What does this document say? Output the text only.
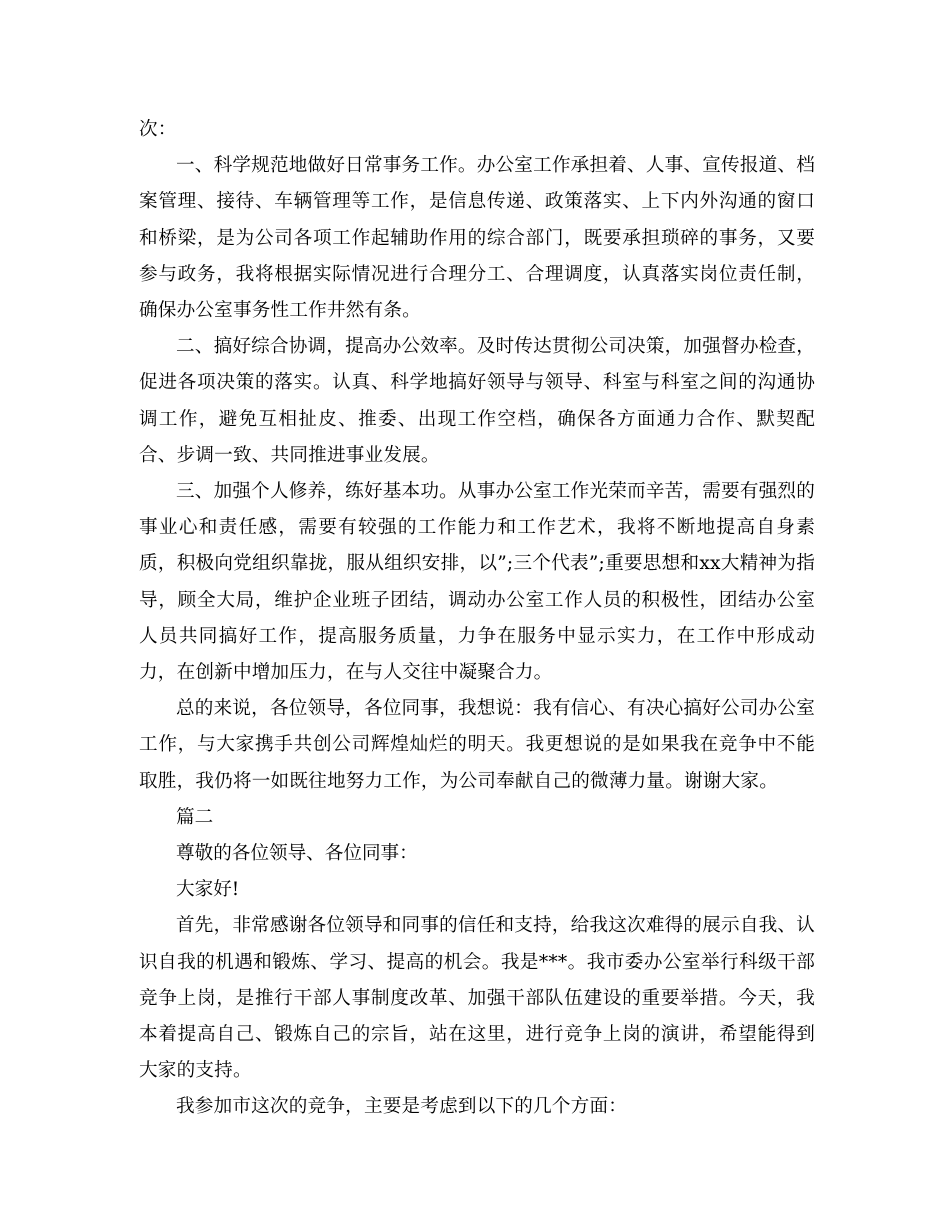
次：

一、科学规范地做好日常事务工作。办公室工作承担着、人事、宣传报道、档案管理、接待、车辆管理等工作，是信息传递、政策落实、上下内外沟通的窗口和桥梁，是为公司各项工作起辅助作用的综合部门，既要承担琐碎的事务，又要参与政务，我将根据实际情况进行合理分工、合理调度，认真落实岗位责任制，确保办公室事务性工作井然有条。

二、搞好综合协调，提高办公效率。及时传达贯彻公司决策，加强督办检查，促进各项决策的落实。认真、科学地搞好领导与领导、科室与科室之间的沟通协调工作，避免互相扯皮、推委、出现工作空档，确保各方面通力合作、默契配合、步调一致、共同推进事业发展。

三、加强个人修养，练好基本功。从事办公室工作光荣而辛苦，需要有强烈的事业心和责任感，需要有较强的工作能力和工作艺术，我将不断地提高自身素质，积极向党组织靠拢，服从组织安排，以”;三个代表”;重要思想和xx大精神为指导，顾全大局，维护企业班子团结，调动办公室工作人员的积极性，团结办公室人员共同搞好工作，提高服务质量，力争在服务中显示实力，在工作中形成动力，在创新中增加压力，在与人交往中凝聚合力。

总的来说，各位领导，各位同事，我想说：我有信心、有决心搞好公司办公室工作，与大家携手共创公司辉煌灿烂的明天。我更想说的是如果我在竞争中不能取胜，我仍将一如既往地努力工作，为公司奉献自己的微薄力量。谢谢大家。

篇二

尊敬的各位领导、各位同事：

大家好!

首先，非常感谢各位领导和同事的信任和支持，给我这次难得的展示自我、认识自我的机遇和锻炼、学习、提高的机会。我是***。我市委办公室举行科级干部竞争上岗，是推行干部人事制度改革、加强干部队伍建设的重要举措。今天，我本着提高自己、锻炼自己的宗旨，站在这里，进行竞争上岗的演讲，希望能得到大家的支持。

我参加市这次的竞争，主要是考虑到以下的几个方面：
